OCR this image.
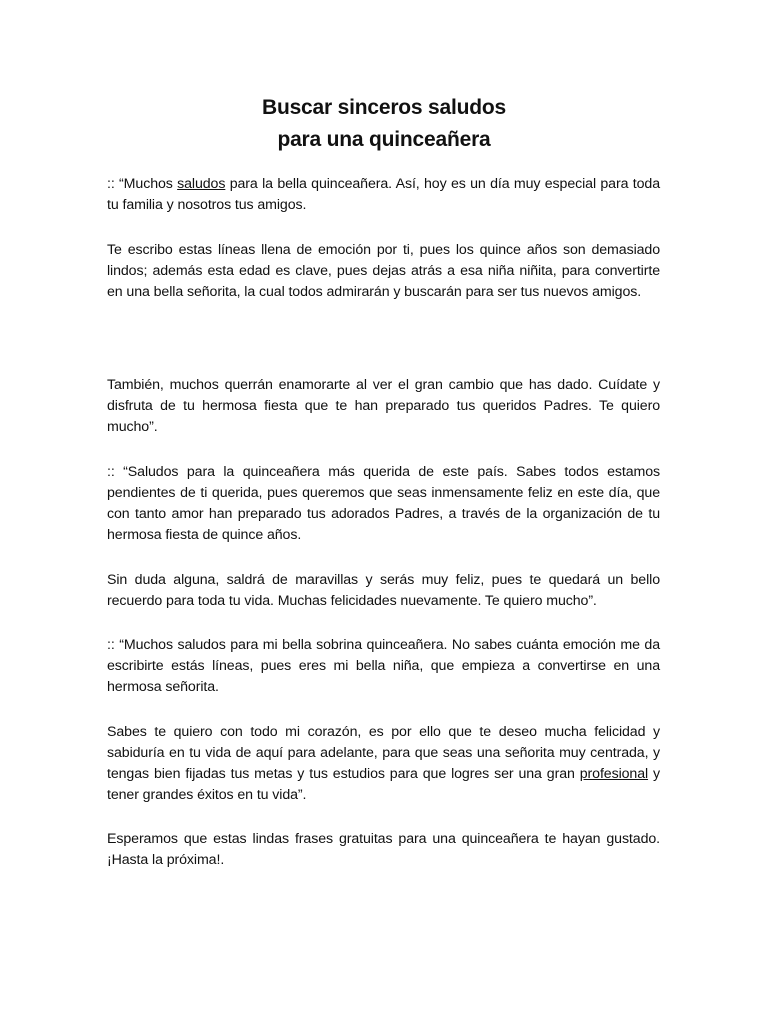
Buscar sinceros saludos
para una quinceañera

:: “Muchos saludos para la bella quinceañera. Así, hoy es un día muy especial para toda tu familia y nosotros tus amigos.

Te escribo estas líneas llena de emoción por ti, pues los quince años son demasiado lindos; además esta edad es clave, pues dejas atrás a esa niña niñita, para convertirte en una bella señorita, la cual todos admirarán y buscarán para ser tus nuevos amigos.

También, muchos querrán enamorarte al ver el gran cambio que has dado. Cuídate y disfruta de tu hermosa fiesta que te han preparado tus queridos Padres. Te quiero mucho”.

:: “Saludos para la quinceañera más querida de este país. Sabes todos estamos pendientes de ti querida, pues queremos que seas inmensamente feliz en este día, que con tanto amor han preparado tus adorados Padres, a través de la organización de tu hermosa fiesta de quince años.

Sin duda alguna, saldrá de maravillas y serás muy feliz, pues te quedará un bello recuerdo para toda tu vida. Muchas felicidades nuevamente. Te quiero mucho”.

:: “Muchos saludos para mi bella sobrina quinceañera. No sabes cuánta emoción me da escribirte estás líneas, pues eres mi bella niña, que empieza a convertirse en una hermosa señorita.

Sabes te quiero con todo mi corazón, es por ello que te deseo mucha felicidad y sabiduría en tu vida de aquí para adelante, para que seas una señorita muy centrada, y tengas bien fijadas tus metas y tus estudios para que logres ser una gran profesional y tener grandes éxitos en tu vida”.

Esperamos que estas lindas frases gratuitas para una quinceañera te hayan gustado. ¡Hasta la próxima!.
